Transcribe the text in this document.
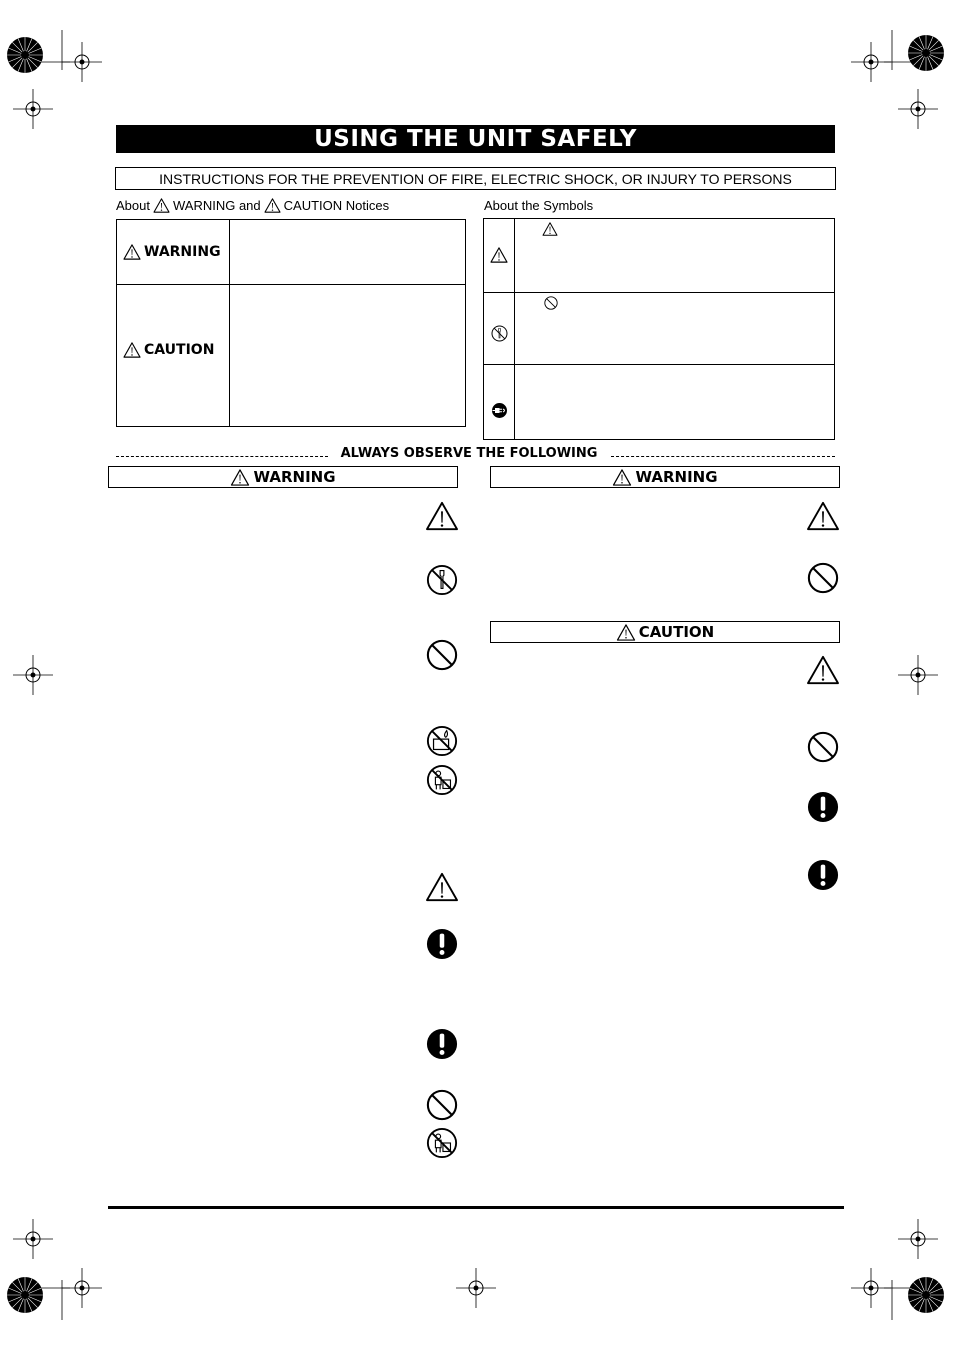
USING THE UNIT SAFELY
INSTRUCTIONS FOR THE PREVENTION OF FIRE, ELECTRIC SHOCK, OR INJURY TO PERSONS
About WARNING and CAUTION Notices	About the Symbols
WARNING
CAUTION
ALWAYS OBSERVE THE FOLLOWING
WARNING	WARNING
CAUTION
